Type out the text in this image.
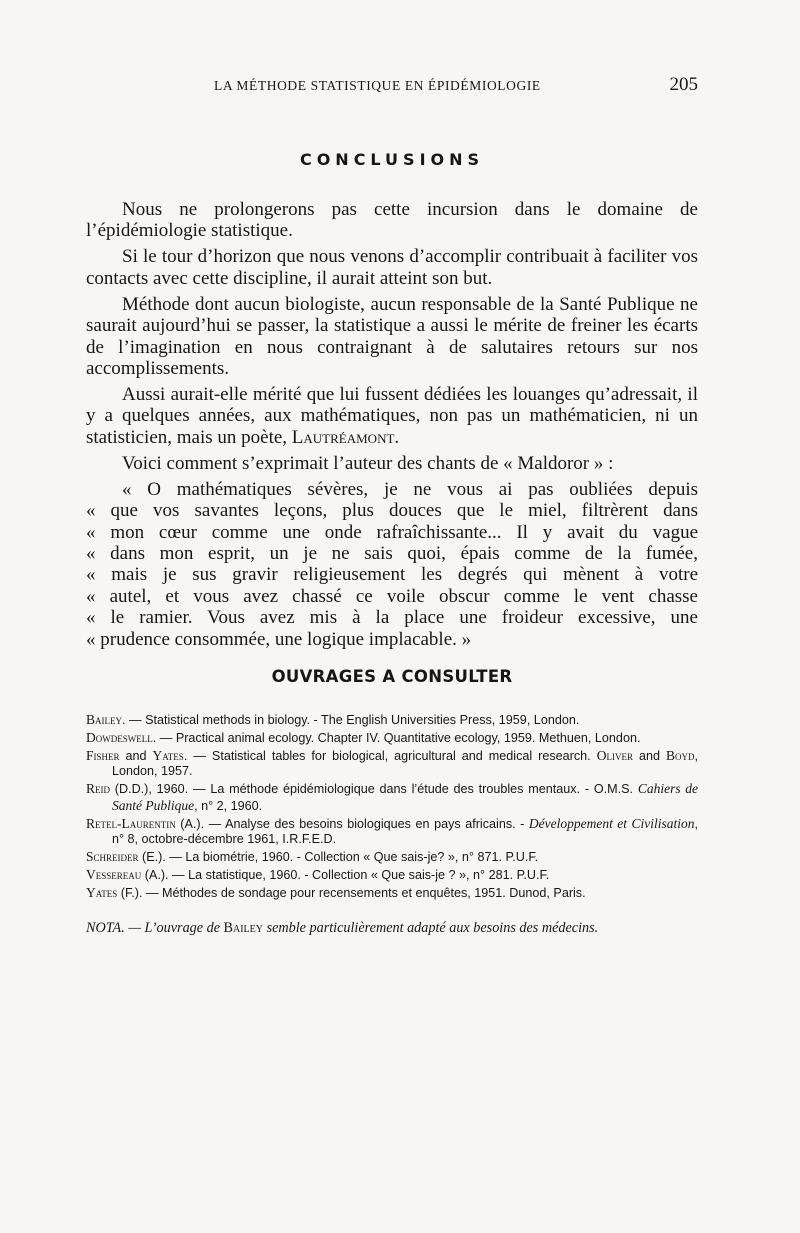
LA MÉTHODE STATISTIQUE EN ÉPIDÉMIOLOGIE	205
CONCLUSIONS

Nous ne prolongerons pas cette incursion dans le domaine de l’épidémiologie statistique.

Si le tour d’horizon que nous venons d’accomplir contribuait à faciliter vos contacts avec cette discipline, il aurait atteint son but.

Méthode dont aucun biologiste, aucun responsable de la Santé Publique ne saurait aujourd’hui se passer, la statistique a aussi le mérite de freiner les écarts de l’imagination en nous contraignant à de salutaires retours sur nos accomplissements.

Aussi aurait-elle mérité que lui fussent dédiées les louanges qu’adressait, il y a quelques années, aux mathématiques, non pas un mathématicien, ni un statisticien, mais un poète, Lautréamont.

Voici comment s’exprimait l’auteur des chants de « Maldoror » :

« O mathématiques sévères, je ne vous ai pas oubliées depuis
« que vos savantes leçons, plus douces que le miel, filtrèrent dans
« mon cœur comme une onde rafraîchissante... Il y avait du vague
« dans mon esprit, un je ne sais quoi, épais comme de la fumée,
« mais je sus gravir religieusement les degrés qui mènent à votre
« autel, et vous avez chassé ce voile obscur comme le vent chasse
« le ramier. Vous avez mis à la place une froideur excessive, une
« prudence consommée, une logique implacable. »
OUVRAGES A CONSULTER

Bailey. — Statistical methods in biology. - The English Universities Press, 1959, London.

Dowdeswell. — Practical animal ecology. Chapter IV. Quantitative ecology, 1959. Methuen, London.

Fisher and Yates. — Statistical tables for biological, agricultural and medical research. Oliver and Boyd, London, 1957.

Reid (D.D.), 1960. — La méthode épidémiologique dans l’étude des troubles mentaux. - O.M.S. Cahiers de Santé Publique, n° 2, 1960.

Retel-Laurentin (A.). — Analyse des besoins biologiques en pays africains. - Développement et Civilisation, n° 8, octobre-décembre 1961, I.R.F.E.D.

Schreider (E.). — La biométrie, 1960. - Collection « Que sais-je? », n° 871. P.U.F.

Vessereau (A.). — La statistique, 1960. - Collection « Que sais-je ? », n° 281. P.U.F.

Yates (F.). — Méthodes de sondage pour recensements et enquêtes, 1951. Dunod, Paris.

NOTA. — L’ouvrage de Bailey semble particulièrement adapté aux besoins des médecins.
